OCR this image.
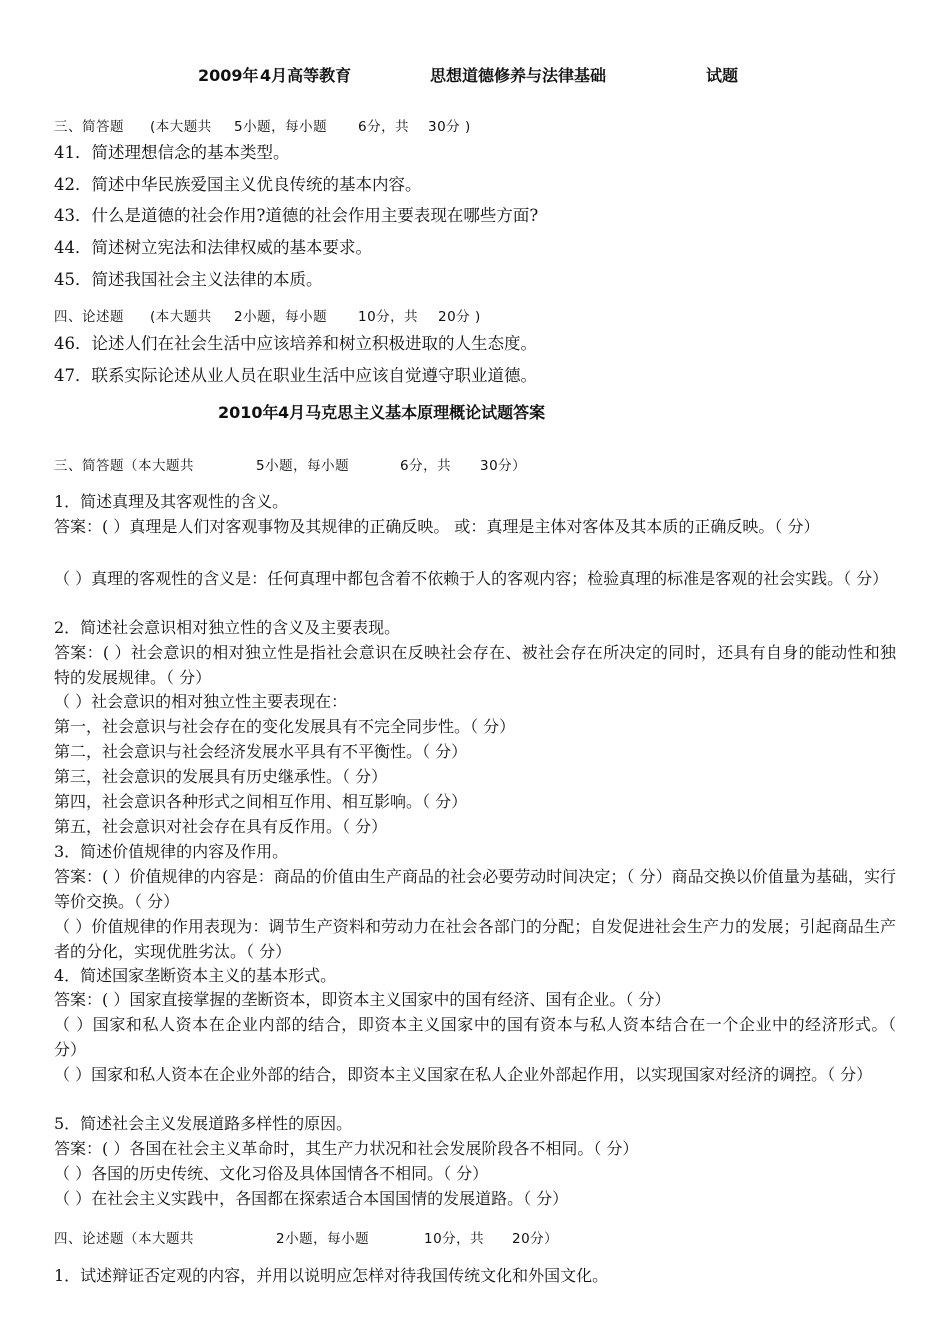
2009年 4月高等教育	思想道德修养与法律基础	试题
三、简答题 (本大题共 5小题，每小题 6分，共 30分 )
41．简述理想信念的基本类型。
42．简述中华民族爱国主义优良传统的基本内容。
43．什么是道德的社会作用?道德的社会作用主要表现在哪些方面?
44．简述树立宪法和法律权威的基本要求。
45．简述我国社会主义法律的本质。
四、论述题 (本大题共 2小题，每小题 10分，共 20分 )
46．论述人们在社会生活中应该培养和树立积极进取的人生态度。
47．联系实际论述从业人员在职业生活中应该自觉遵守职业道德。
2010年 4月马克思主义基本原理概论试题答案
三、简答题（本大题共	5小题，每小题	6分，共 30分）
1．简述真理及其客观性的含义。
答案：( ）真理是人们对客观事物及其规律的正确反映。 或：真理是主体对客体及其本质的正确反映。（ 分）
（ ）真理的客观性的含义是：任何真理中都包含着不依赖于人的客观内容；检验真理的标准是客观的社会实践。（ 分）
2．简述社会意识相对独立性的含义及主要表现。
答案：( ）社会意识的相对独立性是指社会意识在反映社会存在、被社会存在所决定的同时，还具有自身的能动性和独特的发展规律。（ 分）
（ ）社会意识的相对独立性主要表现在：
第一，社会意识与社会存在的变化发展具有不完全同步性。（ 分）
第二，社会意识与社会经济发展水平具有不平衡性。（ 分）
第三，社会意识的发展具有历史继承性。（ 分）
第四，社会意识各种形式之间相互作用、相互影响。（ 分）
第五，社会意识对社会存在具有反作用。（ 分）
3．简述价值规律的内容及作用。
答案：( ）价值规律的内容是：商品的价值由生产商品的社会必要劳动时间决定；（ 分）商品交换以价值量为基础，实行等价交换。（ 分）
（ ）价值规律的作用表现为：调节生产资料和劳动力在社会各部门的分配；自发促进社会生产力的发展；引起商品生产者的分化，实现优胜劣汰。（ 分）
4．简述国家垄断资本主义的基本形式。
答案：( ）国家直接掌握的垄断资本，即资本主义国家中的国有经济、国有企业。（ 分）
（ ）国家和私人资本在企业内部的结合，即资本主义国家中的国有资本与私人资本结合在一个企业中的经济形式。（ 分）
（ ）国家和私人资本在企业外部的结合，即资本主义国家在私人企业外部起作用，以实现国家对经济的调控。（ 分）
5．简述社会主义发展道路多样性的原因。
答案：( ）各国在社会主义革命时，其生产力状况和社会发展阶段各不相同。（ 分）
（ ）各国的历史传统、文化习俗及具体国情各不相同。（ 分）
（ ）在社会主义实践中，各国都在探索适合本国国情的发展道路。（ 分）
四、论述题（本大题共	2小题，每小题	10分，共 20分）
1．试述辩证否定观的内容，并用以说明应怎样对待我国传统文化和外国文化。
